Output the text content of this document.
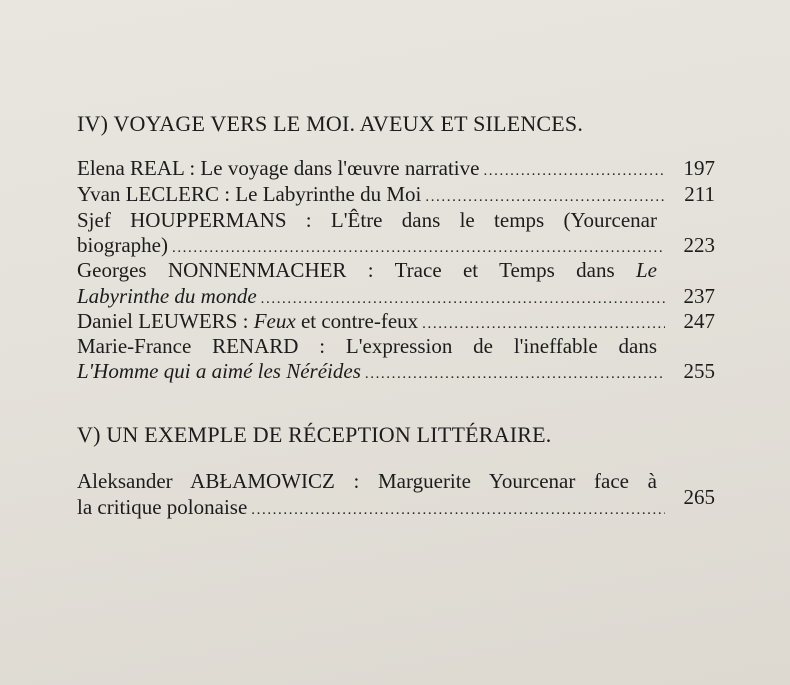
IV) VOYAGE VERS LE MOI. AVEUX ET SILENCES.
Elena REAL : Le voyage dans l'œuvre narrative .....	197
Yvan LECLERC : Le Labyrinthe du Moi .....	211
Sjef HOUPPERMANS : L'Être dans le temps (Yourcenar
biographe) .....	223
Georges NONNENMACHER : Trace et Temps dans Le
Labyrinthe du monde .....	237
Daniel LEUWERS : Feux et contre-feux .....	247
Marie-France RENARD : L'expression de l'ineffable dans
L'Homme qui a aimé les Néréides .....	255
V) UN EXEMPLE DE RÉCEPTION LITTÉRAIRE.
Aleksander ABŁAMOWICZ : Marguerite Yourcenar face à
la critique polonaise .....	265
